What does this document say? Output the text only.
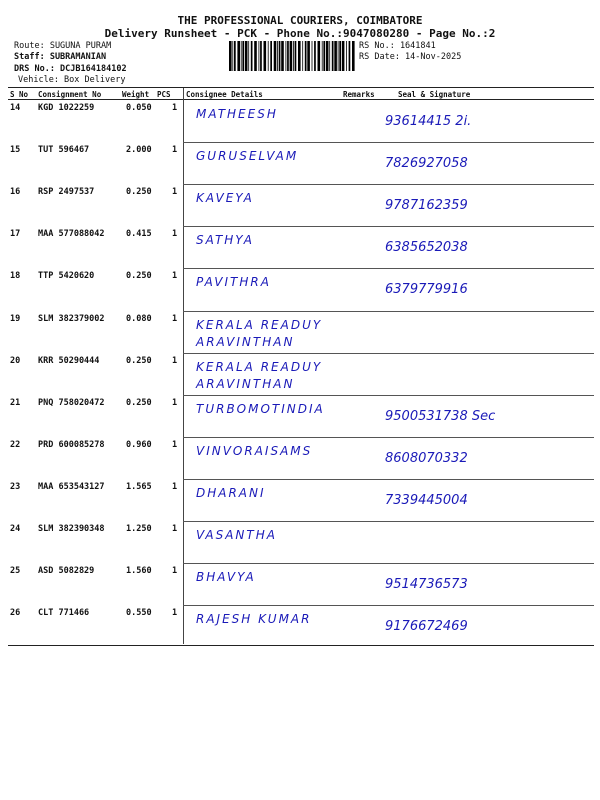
THE PROFESSIONAL COURIERS, COIMBATORE
Delivery Runsheet - PCK - Phone No.:9047080280 - Page No.:2
Route: SUGUNA PURAM
Staff: SUBRAMANIAN
DRS No.: DCJB164184102
Vehicle: Box Delivery
RS No.: 1641841
RS Date: 14-Nov-2025
S No Consignment No	Weight PCS Consignee Details	Remarks	Seal & Signature
14 KGD 1022259	0.050 1 MATHEESH	93614415 2i.
15 TUT 596467	2.000 1 GURUSELVAM	7826927058
16 RSP 2497537	0.250 1 KAVEYA	9787162359
17 MAA 577088042	0.415 1 SATHYA	6385652038
18 TTP 5420620	0.250 1 PAVITHRA	6379779916
19 SLM 382379002	0.080 1 KERALA READUY ARAVINTHAN
20 KRR 50290444	0.250 1 KERALA READUY ARAVINTHAN
21 PNQ 758020472	0.250 1 TURBOMOTINDIA	9500531738 Sec
22 PRD 600085278	0.960 1 VINVORAISAMS	8608070332
23 MAA 653543127	1.565 1 DHARANI	7339445004
24 SLM 382390348	1.250 1 VASANTHA
25 ASD 5082829	1.560 1 BHAVYA	9514736573
26 CLT 771466	0.550 1 RAJESH KUMAR	9176672469
